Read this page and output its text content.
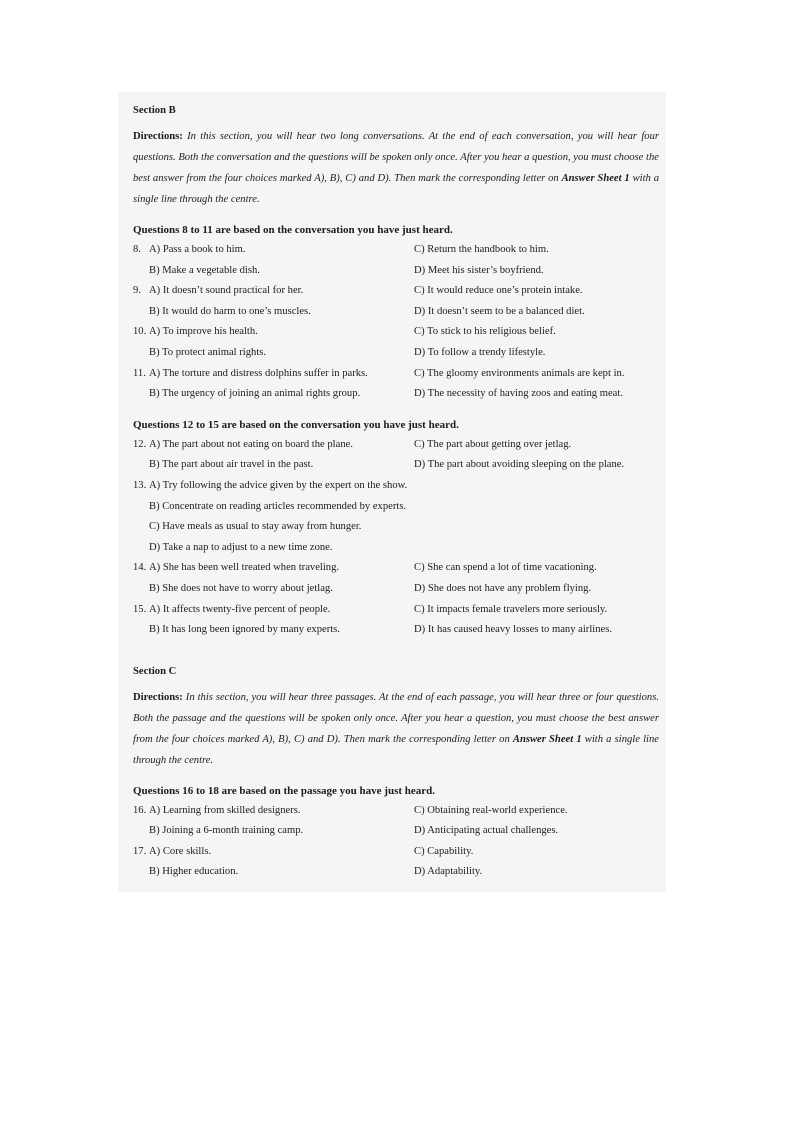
Section B

Directions: In this section, you will hear two long conversations. At the end of each conversation, you will hear four questions. Both the conversation and the questions will be spoken only once. After you hear a question, you must choose the best answer from the four choices marked A), B), C) and D). Then mark the corresponding letter on Answer Sheet 1 with a single line through the centre.

Questions 8 to 11 are based on the conversation you have just heard.
8. A) Pass a book to him.	C) Return the handbook to him.
B) Make a vegetable dish.	D) Meet his sister’s boyfriend.
9. A) It doesn’t sound practical for her.	C) It would reduce one’s protein intake.
B) It would do harm to one’s muscles.	D) It doesn’t seem to be a balanced diet.
10. A) To improve his health.	C) To stick to his religious belief.
B) To protect animal rights.	D) To follow a trendy lifestyle.
11. A) The torture and distress dolphins suffer in parks.	C) The gloomy environments animals are kept in.
B) The urgency of joining an animal rights group.	D) The necessity of having zoos and eating meat.
Questions 12 to 15 are based on the conversation you have just heard.
12. A) The part about not eating on board the plane.	C) The part about getting over jetlag.
B) The part about air travel in the past.	D) The part about avoiding sleeping on the plane.
13. A) Try following the advice given by the expert on the show.
B) Concentrate on reading articles recommended by experts.
C) Have meals as usual to stay away from hunger.
D) Take a nap to adjust to a new time zone.
14. A) She has been well treated when traveling.	C) She can spend a lot of time vacationing.
B) She does not have to worry about jetlag.	D) She does not have any problem flying.
15. A) It affects twenty-five percent of people.	C) It impacts female travelers more seriously.
B) It has long been ignored by many experts.	D) It has caused heavy losses to many airlines.
Section C

Directions: In this section, you will hear three passages. At the end of each passage, you will hear three or four questions. Both the passage and the questions will be spoken only once. After you hear a question, you must choose the best answer from the four choices marked A), B), C) and D). Then mark the corresponding letter on Answer Sheet 1 with a single line through the centre.

Questions 16 to 18 are based on the passage you have just heard.
16. A) Learning from skilled designers.	C) Obtaining real-world experience.
B) Joining a 6-month training camp.	D) Anticipating actual challenges.
17. A) Core skills.	C) Capability.
B) Higher education.	D) Adaptability.
